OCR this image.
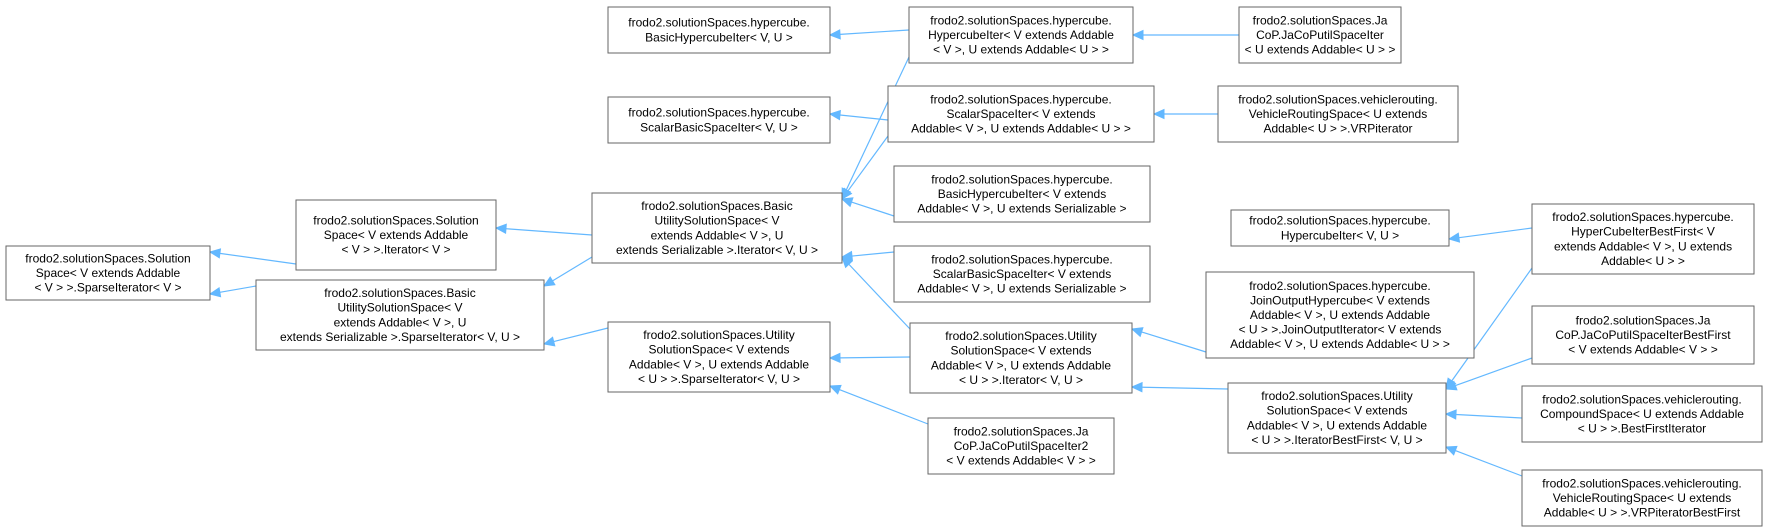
frodo2.solutionSpaces.hypercube.
BasicHypercubeIter< V, U >
frodo2.solutionSpaces.hypercube.
HypercubeIter< V extends Addable
< V >, U extends Addable< U > >
frodo2.solutionSpaces.Ja
CoP.JaCoPutilSpaceIter
< U extends Addable< U > >
frodo2.solutionSpaces.hypercube.
ScalarBasicSpaceIter< V, U >
frodo2.solutionSpaces.hypercube.
ScalarSpaceIter< V extends
Addable< V >, U extends Addable< U > >
frodo2.solutionSpaces.vehiclerouting.
VehicleRoutingSpace< U extends
Addable< U > >.VRPiterator
frodo2.solutionSpaces.Solution
Space< V extends Addable
< V > >.Iterator< V >
frodo2.solutionSpaces.Basic
UtilitySolutionSpace< V
extends Addable< V >, U
extends Serializable >.Iterator< V, U >
frodo2.solutionSpaces.hypercube.
BasicHypercubeIter< V extends
Addable< V >, U extends Serializable >
frodo2.solutionSpaces.hypercube.
HypercubeIter< V, U >
frodo2.solutionSpaces.hypercube.
HyperCubeIterBestFirst< V
extends Addable< V >, U extends
Addable< U > >
frodo2.solutionSpaces.Solution
Space< V extends Addable
< V > >.SparseIterator< V >
frodo2.solutionSpaces.hypercube.
ScalarBasicSpaceIter< V extends
Addable< V >, U extends Serializable >
frodo2.solutionSpaces.Basic
UtilitySolutionSpace< V
extends Addable< V >, U
extends Serializable >.SparseIterator< V, U >
frodo2.solutionSpaces.hypercube.
JoinOutputHypercube< V extends
Addable< V >, U extends Addable
< U > >.JoinOutputIterator< V extends
Addable< V >, U extends Addable< U > >
frodo2.solutionSpaces.Ja
CoP.JaCoPutilSpaceIterBestFirst
< V extends Addable< V > >
frodo2.solutionSpaces.Utility
SolutionSpace< V extends
Addable< V >, U extends Addable
< U > >.SparseIterator< V, U >
frodo2.solutionSpaces.Utility
SolutionSpace< V extends
Addable< V >, U extends Addable
< U > >.Iterator< V, U >
frodo2.solutionSpaces.Utility
SolutionSpace< V extends
Addable< V >, U extends Addable
< U > >.IteratorBestFirst< V, U >
frodo2.solutionSpaces.vehiclerouting.
CompoundSpace< U extends Addable
< U > >.BestFirstIterator
frodo2.solutionSpaces.Ja
CoP.JaCoPutilSpaceIter2
< V extends Addable< V > >
frodo2.solutionSpaces.vehiclerouting.
VehicleRoutingSpace< U extends
Addable< U > >.VRPiteratorBestFirst
